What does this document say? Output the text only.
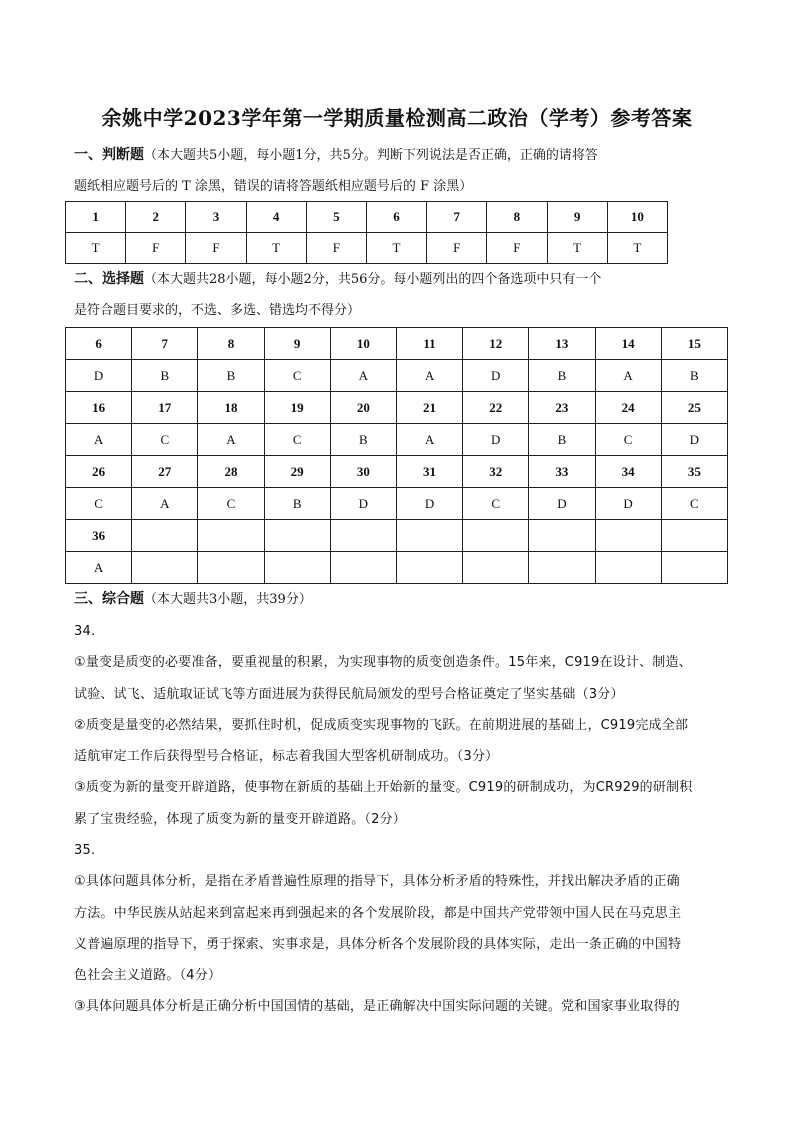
余姚中学2023学年第一学期质量检测高二政治（学考）参考答案
一、判断题（本大题共5小题，每小题1分，共5分。判断下列说法是否正确，正确的请将答
题纸相应题号后的 T 涂黑，错误的请将答题纸相应题号后的 F 涂黑）
1	2	3	4	5	6	7	8	9	10
T	F	F	T	F	T	F	F	T	T
二、选择题（本大题共28小题，每小题2分，共56分。每小题列出的四个备选项中只有一个
是符合题目要求的，不选、多选、错选均不得分）
6	7	8	9	10	11	12	13	14	15
D	B	B	C	A	A	D	B	A	B
16	17	18	19	20	21	22	23	24	25
A	C	A	C	B	A	D	B	C	D
26	27	28	29	30	31	32	33	34	35
C	A	C	B	D	D	C	D	D	C
36									
A									
三、综合题（本大题共3小题，共39分）
34.
①量变是质变的必要准备，要重视量的积累，为实现事物的质变创造条件。15年来，C919在设计、制造、
试验、试飞、适航取证试飞等方面进展为获得民航局颁发的型号合格证奠定了坚实基础（3分）
②质变是量变的必然结果，要抓住时机，促成质变实现事物的飞跃。在前期进展的基础上，C919完成全部
适航审定工作后获得型号合格证，标志着我国大型客机研制成功。（3分）
③质变为新的量变开辟道路，使事物在新质的基础上开始新的量变。C919的研制成功，为CR929的研制积
累了宝贵经验，体现了质变为新的量变开辟道路。（2分）
35.
①具体问题具体分析，是指在矛盾普遍性原理的指导下，具体分析矛盾的特殊性，并找出解决矛盾的正确
方法。中华民族从站起来到富起来再到强起来的各个发展阶段，都是中国共产党带领中国人民在马克思主
义普遍原理的指导下，勇于探索、实事求是，具体分析各个发展阶段的具体实际，走出一条正确的中国特
色社会主义道路。（4分）
③具体问题具体分析是正确分析中国国情的基础，是正确解决中国实际问题的关键。党和国家事业取得的
